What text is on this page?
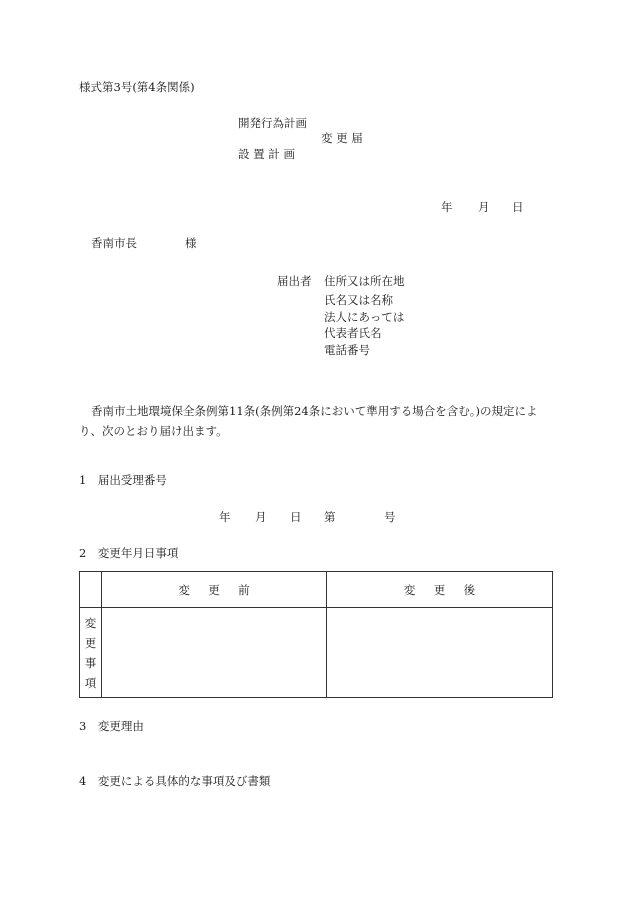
様式第3号(第4条関係)
開発行為計画
変 更 届
設 置 計 画
年 月 日
香南市長	様
届出者 住所又は所在地
氏名又は名称
法人にあっては
代表者氏名
電話番号
香南市土地環境保全条例第11条(条例第24条において準用する場合を含む。)の規定により、次のとおり届け出ます。
1　届出受理番号
年 月 日 第	号
2　変更年月日事項
	変更前	変更後

変更事項		

3　変更理由
4　変更による具体的な事項及び書類
